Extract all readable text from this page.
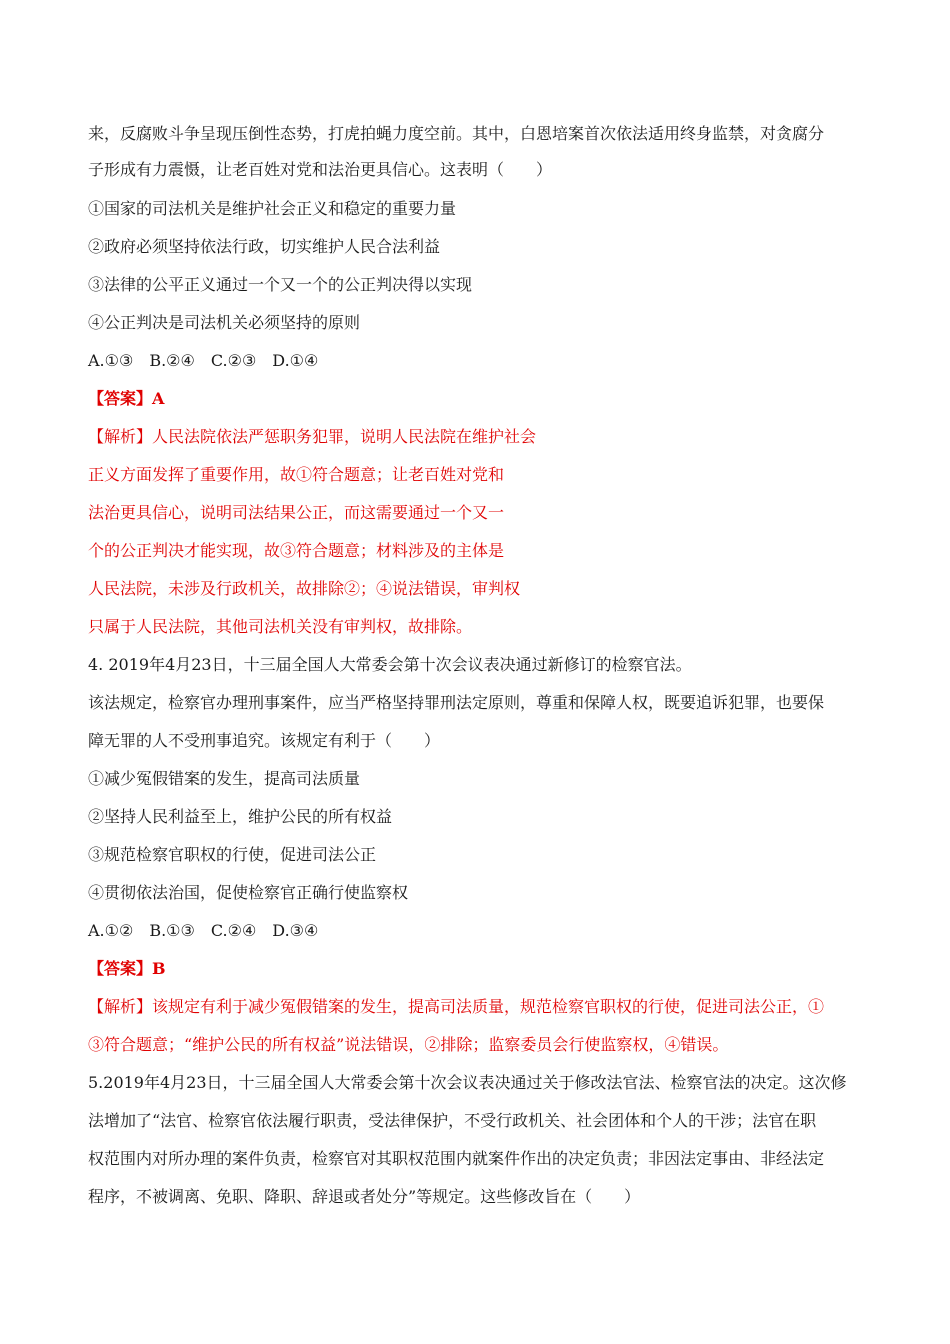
来，反腐败斗争呈现压倒性态势，打虎拍蝇力度空前。其中，白恩培案首次依法适用终身监禁，对贪腐分
子形成有力震慑，让老百姓对党和法治更具信心。这表明（　　）
①国家的司法机关是维护社会正义和稳定的重要力量
②政府必须坚持依法行政，切实维护人民合法利益
③法律的公平正义通过一个又一个的公正判决得以实现
④公正判决是司法机关必须坚持的原则
A.①③　B.②④　C.②③　D.①④
【答案】A
【解析】人民法院依法严惩职务犯罪，说明人民法院在维护社会
正义方面发挥了重要作用，故①符合题意；让老百姓对党和
法治更具信心，说明司法结果公正，而这需要通过一个又一
个的公正判决才能实现，故③符合题意；材料涉及的主体是
人民法院，未涉及行政机关，故排除②；④说法错误，审判权
只属于人民法院，其他司法机关没有审判权，故排除。
4. 2019年4月23日，十三届全国人大常委会第十次会议表决通过新修订的检察官法。
该法规定，检察官办理刑事案件，应当严格坚持罪刑法定原则，尊重和保障人权，既要追诉犯罪，也要保
障无罪的人不受刑事追究。该规定有利于（　　）
①减少冤假错案的发生，提高司法质量
②坚持人民利益至上，维护公民的所有权益
③规范检察官职权的行使，促进司法公正
④贯彻依法治国，促使检察官正确行使监察权
A.①②　B.①③　C.②④　D.③④
【答案】B
【解析】该规定有利于减少冤假错案的发生，提高司法质量，规范检察官职权的行使，促进司法公正，①
③符合题意；“维护公民的所有权益”说法错误，②排除；监察委员会行使监察权，④错误。
5.2019年4月23日，十三届全国人大常委会第十次会议表决通过关于修改法官法、检察官法的决定。这次修
法增加了“法官、检察官依法履行职责，受法律保护，不受行政机关、社会团体和个人的干涉；法官在职
权范围内对所办理的案件负责，检察官对其职权范围内就案件作出的决定负责；非因法定事由、非经法定
程序，不被调离、免职、降职、辞退或者处分”等规定。这些修改旨在（　　）
